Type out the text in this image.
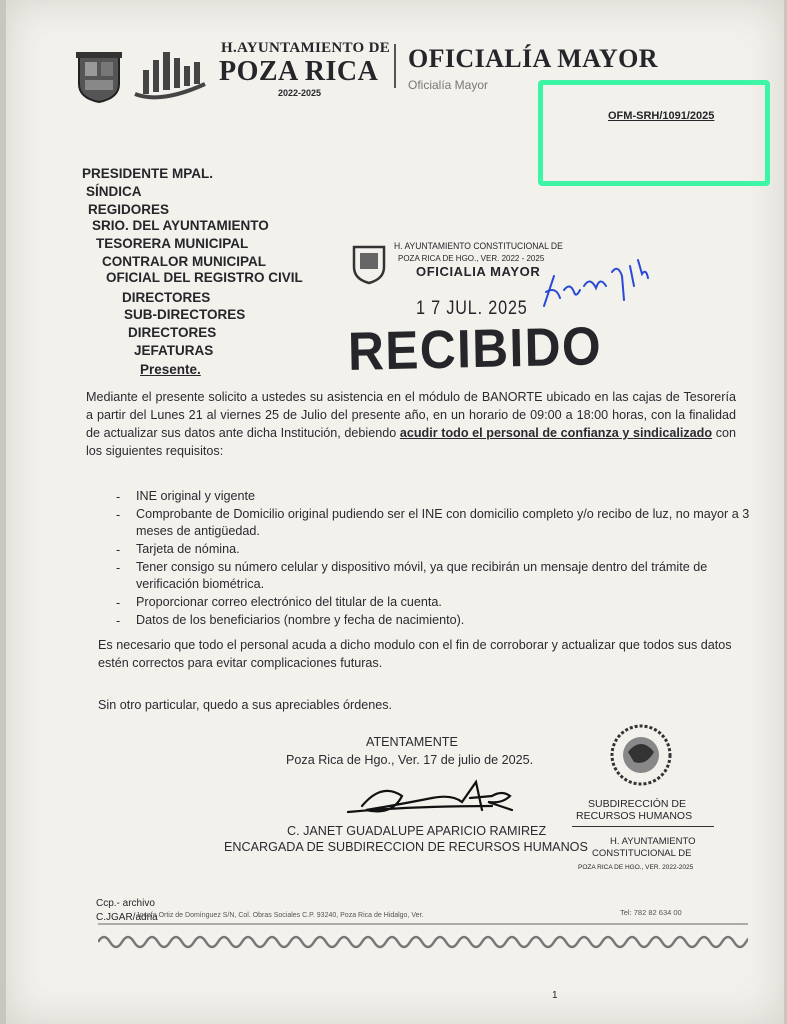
H.AYUNTAMIENTO DE
POZA RICA
2022-2025
OFICIALÍA MAYOR
Oficialía Mayor
OFM-SRH/1091/2025
PRESIDENTE MPAL.
SÍNDICA
REGIDORES
SRIO. DEL AYUNTAMIENTO
TESORERA MUNICIPAL
CONTRALOR MUNICIPAL
OFICIAL DEL REGISTRO CIVIL
DIRECTORES
SUB-DIRECTORES
DIRECTORES
JEFATURAS
Presente.
H. AYUNTAMIENTO CONSTITUCIONAL DE
POZA RICA DE HGO., VER. 2022 - 2025
OFICIALIA MAYOR
1 7 JUL. 2025
RECIBIDO
Mediante el presente solicito a ustedes su asistencia en el módulo de BANORTE ubicado en las cajas de Tesorería a partir del Lunes 21 al viernes 25 de Julio del presente año, en un horario de 09:00 a 18:00 horas, con la finalidad de actualizar sus datos ante dicha Institución, debiendo acudir todo el personal de confianza y sindicalizado con los siguientes requisitos:
- INE original y vigente
- Comprobante de Domicilio original pudiendo ser el INE con domicilio completo y/o recibo de luz, no mayor a 3 meses de antigüedad.
- Tarjeta de nómina.
- Tener consigo su número celular y dispositivo móvil, ya que recibirán un mensaje dentro del trámite de verificación biométrica.
- Proporcionar correo electrónico del titular de la cuenta.
- Datos de los beneficiarios (nombre y fecha de nacimiento).
Es necesario que todo el personal acuda a dicho modulo con el fin de corroborar y actualizar que todos sus datos estén correctos para evitar complicaciones futuras.
Sin otro particular, quedo a sus apreciables órdenes.
ATENTAMENTE
Poza Rica de Hgo., Ver. 17 de julio de 2025.
C. JANET GUADALUPE APARICIO RAMIREZ
ENCARGADA DE SUBDIRECCION DE RECURSOS HUMANOS
SUBDIRECCIÓN DE
RECURSOS HUMANOS
H. AYUNTAMIENTO
CONSTITUCIONAL DE
POZA RICA DE HGO., VER. 2022-2025
Ccp.- archivo
C.JGAR/adna
Josefa Ortiz de Domínguez S/N, Col. Obras Sociales C.P. 93240, Poza Rica de Hidalgo, Ver.	Tel: 782 82 634 00
1
